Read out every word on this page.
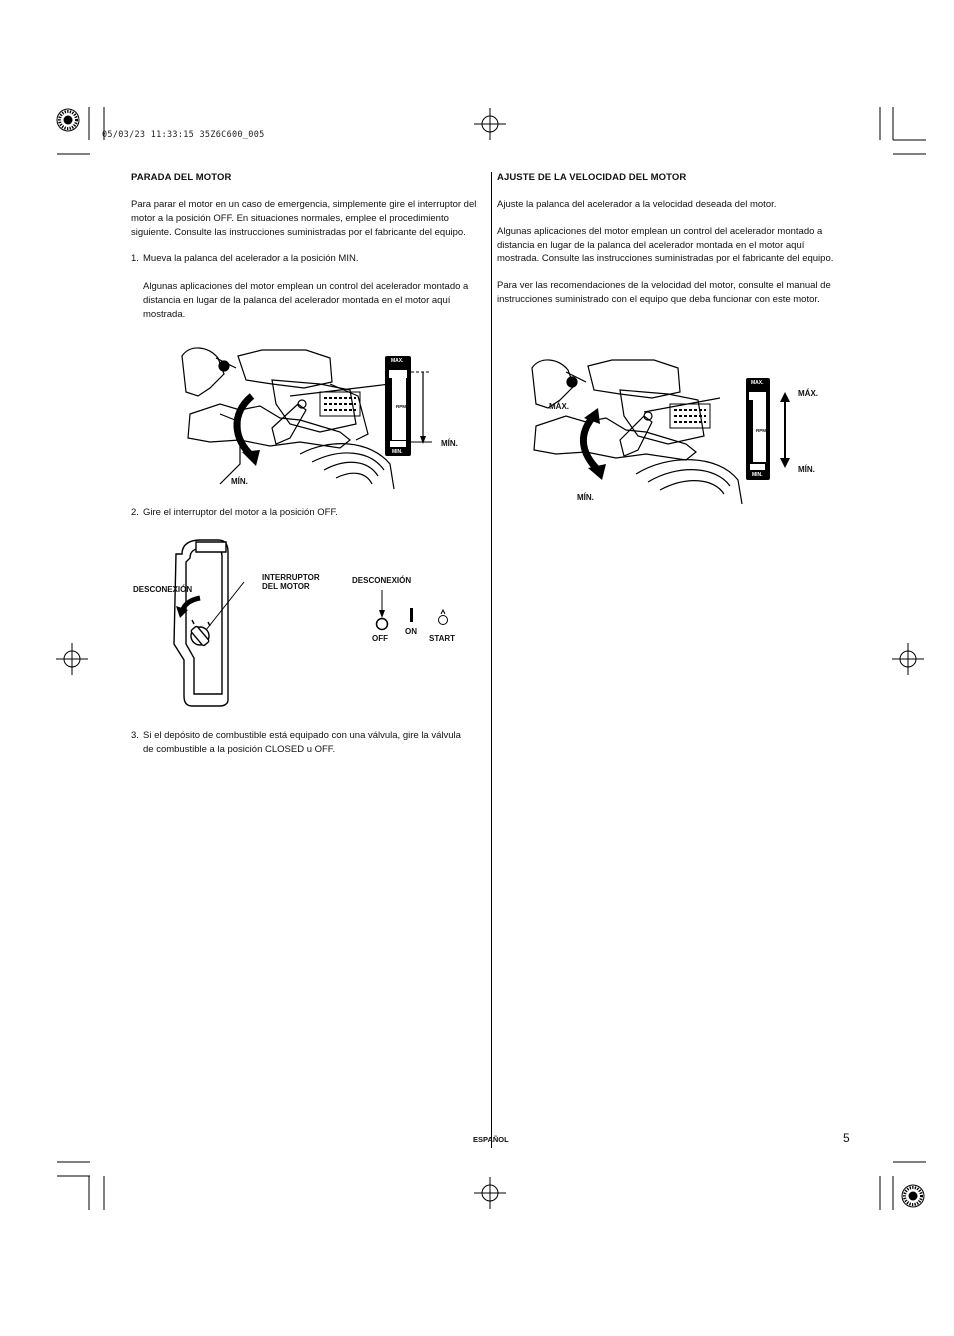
05/03/23 11:33:15 35Z6C600_005
PARADA DEL MOTOR
Para parar el motor en un caso de emergencia, simplemente gire el interruptor del motor a la posición OFF. En situaciones normales, emplee el procedimiento siguiente. Consulte las instrucciones suministradas por el fabricante del equipo.
1. Mueva la palanca del acelerador a la posición MIN.
Algunas aplicaciones del motor emplean un control del acelerador montado a distancia en lugar de la palanca del acelerador montada en el motor aquí mostrada.
MAX.
RPM
MIN.
MÍN.
MÍN.
2. Gire el interruptor del motor a la posición OFF.
DESCONEXIÓN
INTERRUPTOR
DEL MOTOR
DESCONEXIÓN
OFF
ON
START
3. Si el depósito de combustible está equipado con una válvula, gire la válvula de combustible a la posición CLOSED u OFF.
AJUSTE DE LA VELOCIDAD DEL MOTOR
Ajuste la palanca del acelerador a la velocidad deseada del motor.
Algunas aplicaciones del motor emplean un control del acelerador montado a distancia en lugar de la palanca del acelerador montada en el motor aquí mostrada. Consulte las instrucciones suministradas por el fabricante del equipo.
Para ver las recomendaciones de la velocidad del motor, consulte el manual de instrucciones suministrado con el equipo que deba funcionar con este motor.
MAX.
RPM
MIN.
MÁX.
MÍN.
MÁX.
MÍN.
ESPAÑOL	5
